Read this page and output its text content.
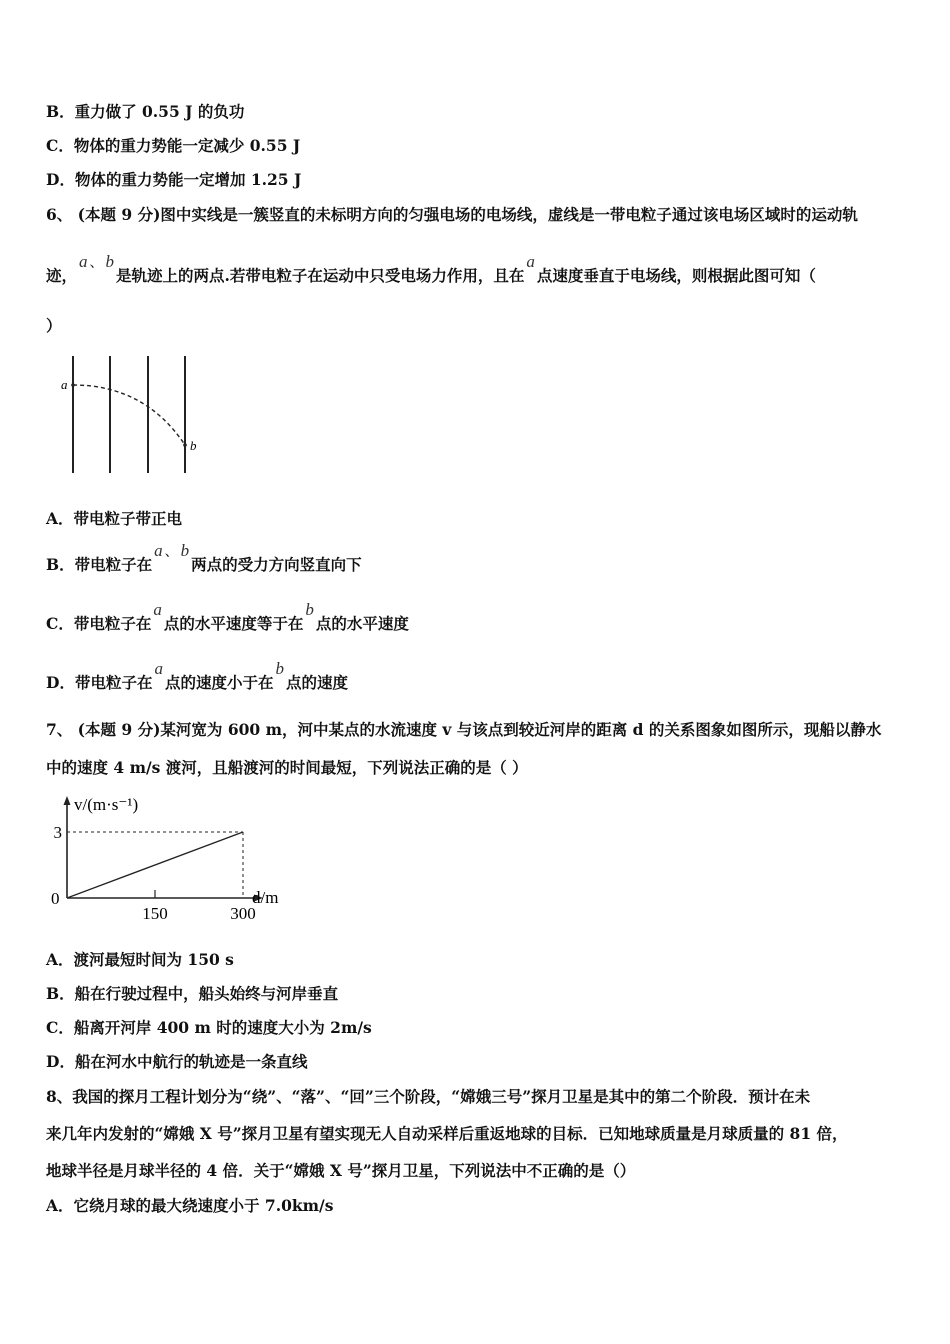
B．重力做了 0.55 J 的负功
C．物体的重力势能一定减少 0.55 J
D．物体的重力势能一定增加 1.25 J
6、 (本题 9 分)图中实线是一簇竖直的未标明方向的匀强电场的电场线，虚线是一带电粒子通过该电场区域时的运动轨
迹，a 、 b是轨迹上的两点.若带电粒子在运动中只受电场力作用，且在a点速度垂直于电场线，则根据此图可知（
）
a
b
A．带电粒子带正电
B．带电粒子在a 、 b两点的受力方向竖直向下
C．带电粒子在a点的水平速度等于在b点的水平速度
D．带电粒子在a点的速度小于在b点的速度
7、 (本题 9 分)某河宽为 600 m，河中某点的水流速度 v 与该点到较近河岸的距离 d 的关系图象如图所示，现船以静水
中的速度 4 m/s 渡河，且船渡河的时间最短，下列说法正确的是（ ）
v/(m·s⁻¹)
d/m
0
3
150	300
A．渡河最短时间为 150 s
B．船在行驶过程中，船头始终与河岸垂直
C．船离开河岸 400 m 时的速度大小为 2m/s
D．船在河水中航行的轨迹是一条直线
8、我国的探月工程计划分为“绕”、“落”、“回”三个阶段，“嫦娥三号”探月卫星是其中的第二个阶段．预计在未
来几年内发射的“嫦娥 X 号”探月卫星有望实现无人自动采样后重返地球的目标．已知地球质量是月球质量的 81 倍，
地球半径是月球半径的 4 倍．关于“嫦娥 X 号”探月卫星，下列说法中不正确的是（）
A．它绕月球的最大绕速度小于 7.0km/s
